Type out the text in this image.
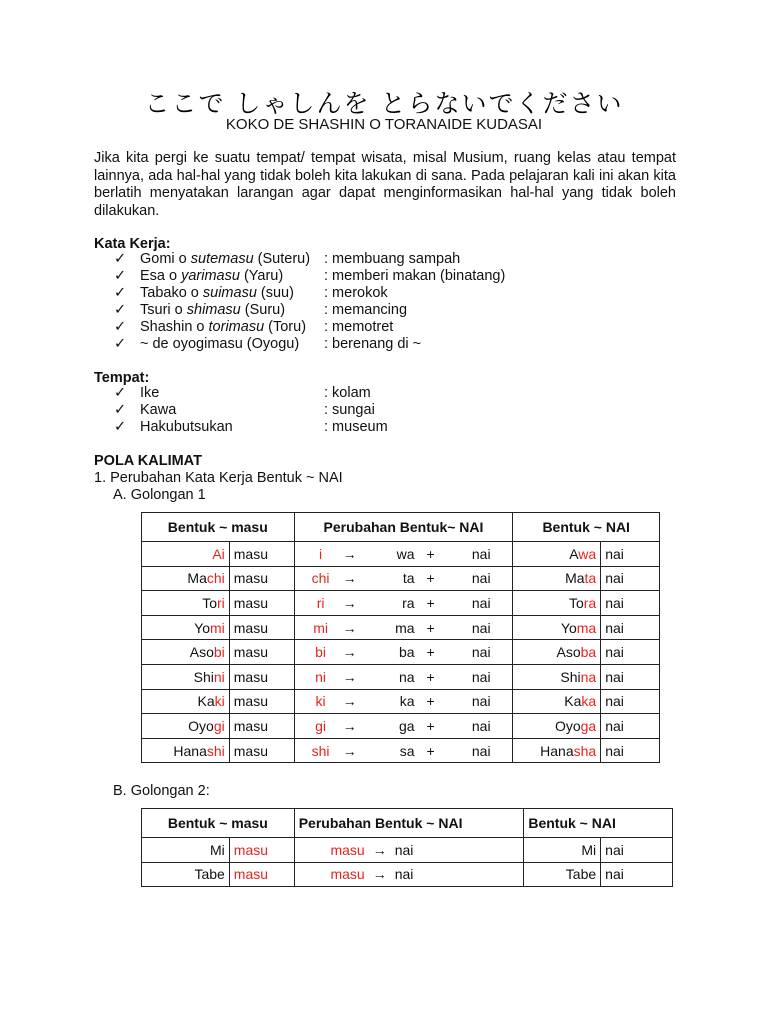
ここで しゃしんを とらないでください
KOKO DE SHASHIN O TORANAIDE KUDASAI
Jika kita pergi ke suatu tempat/ tempat wisata, misal Musium, ruang kelas atau tempat lainnya, ada hal-hal yang tidak boleh kita lakukan di sana. Pada pelajaran kali ini akan kita berlatih menyatakan larangan agar dapat menginformasikan hal-hal yang tidak boleh dilakukan.
Kata Kerja:
✓ Gomi o sutemasu (Suteru) : membuang sampah
✓ Esa o yarimasu (Yaru)	: memberi makan (binatang)
✓ Tabako o suimasu (suu) : merokok
✓ Tsuri o shimasu (Suru)	: memancing
✓ Shashin o torimasu (Toru) : memotret
✓ ~ de oyogimasu (Oyogu) : berenang di ~
Tempat:
✓ Ike	: kolam
✓ Kawa	: sungai
✓ Hakubutsukan	: museum
POLA KALIMAT
1. Perubahan Kata Kerja Bentuk ~ NAI
A. Golongan 1
Bentuk ~ masu		Perubahan Bentuk~ NAI	Bentuk ~ NAI	
Ai	masu	i → wa + nai	Awa	nai
Machi	masu	chi → ta + nai	Mata	nai
Tori	masu	ri → ra + nai	Tora	nai
Yomi	masu	mi → ma + nai	Yoma	nai
Asobi	masu	bi → ba + nai	Asoba	nai
Shini	masu	ni → na + nai	Shina	nai
Kaki	masu	ki → ka + nai	Kaka	nai
Oyogi	masu	gi → ga + nai	Oyoga	nai
Hanashi	masu	shi → sa + nai	Hanasha	nai
B. Golongan 2:
Bentuk ~ masu		Perubahan Bentuk ~ NAI	Bentuk ~ NAI	
Mi	masu	masu → nai	Mi	nai
Tabe	masu	masu → nai	Tabe	nai
